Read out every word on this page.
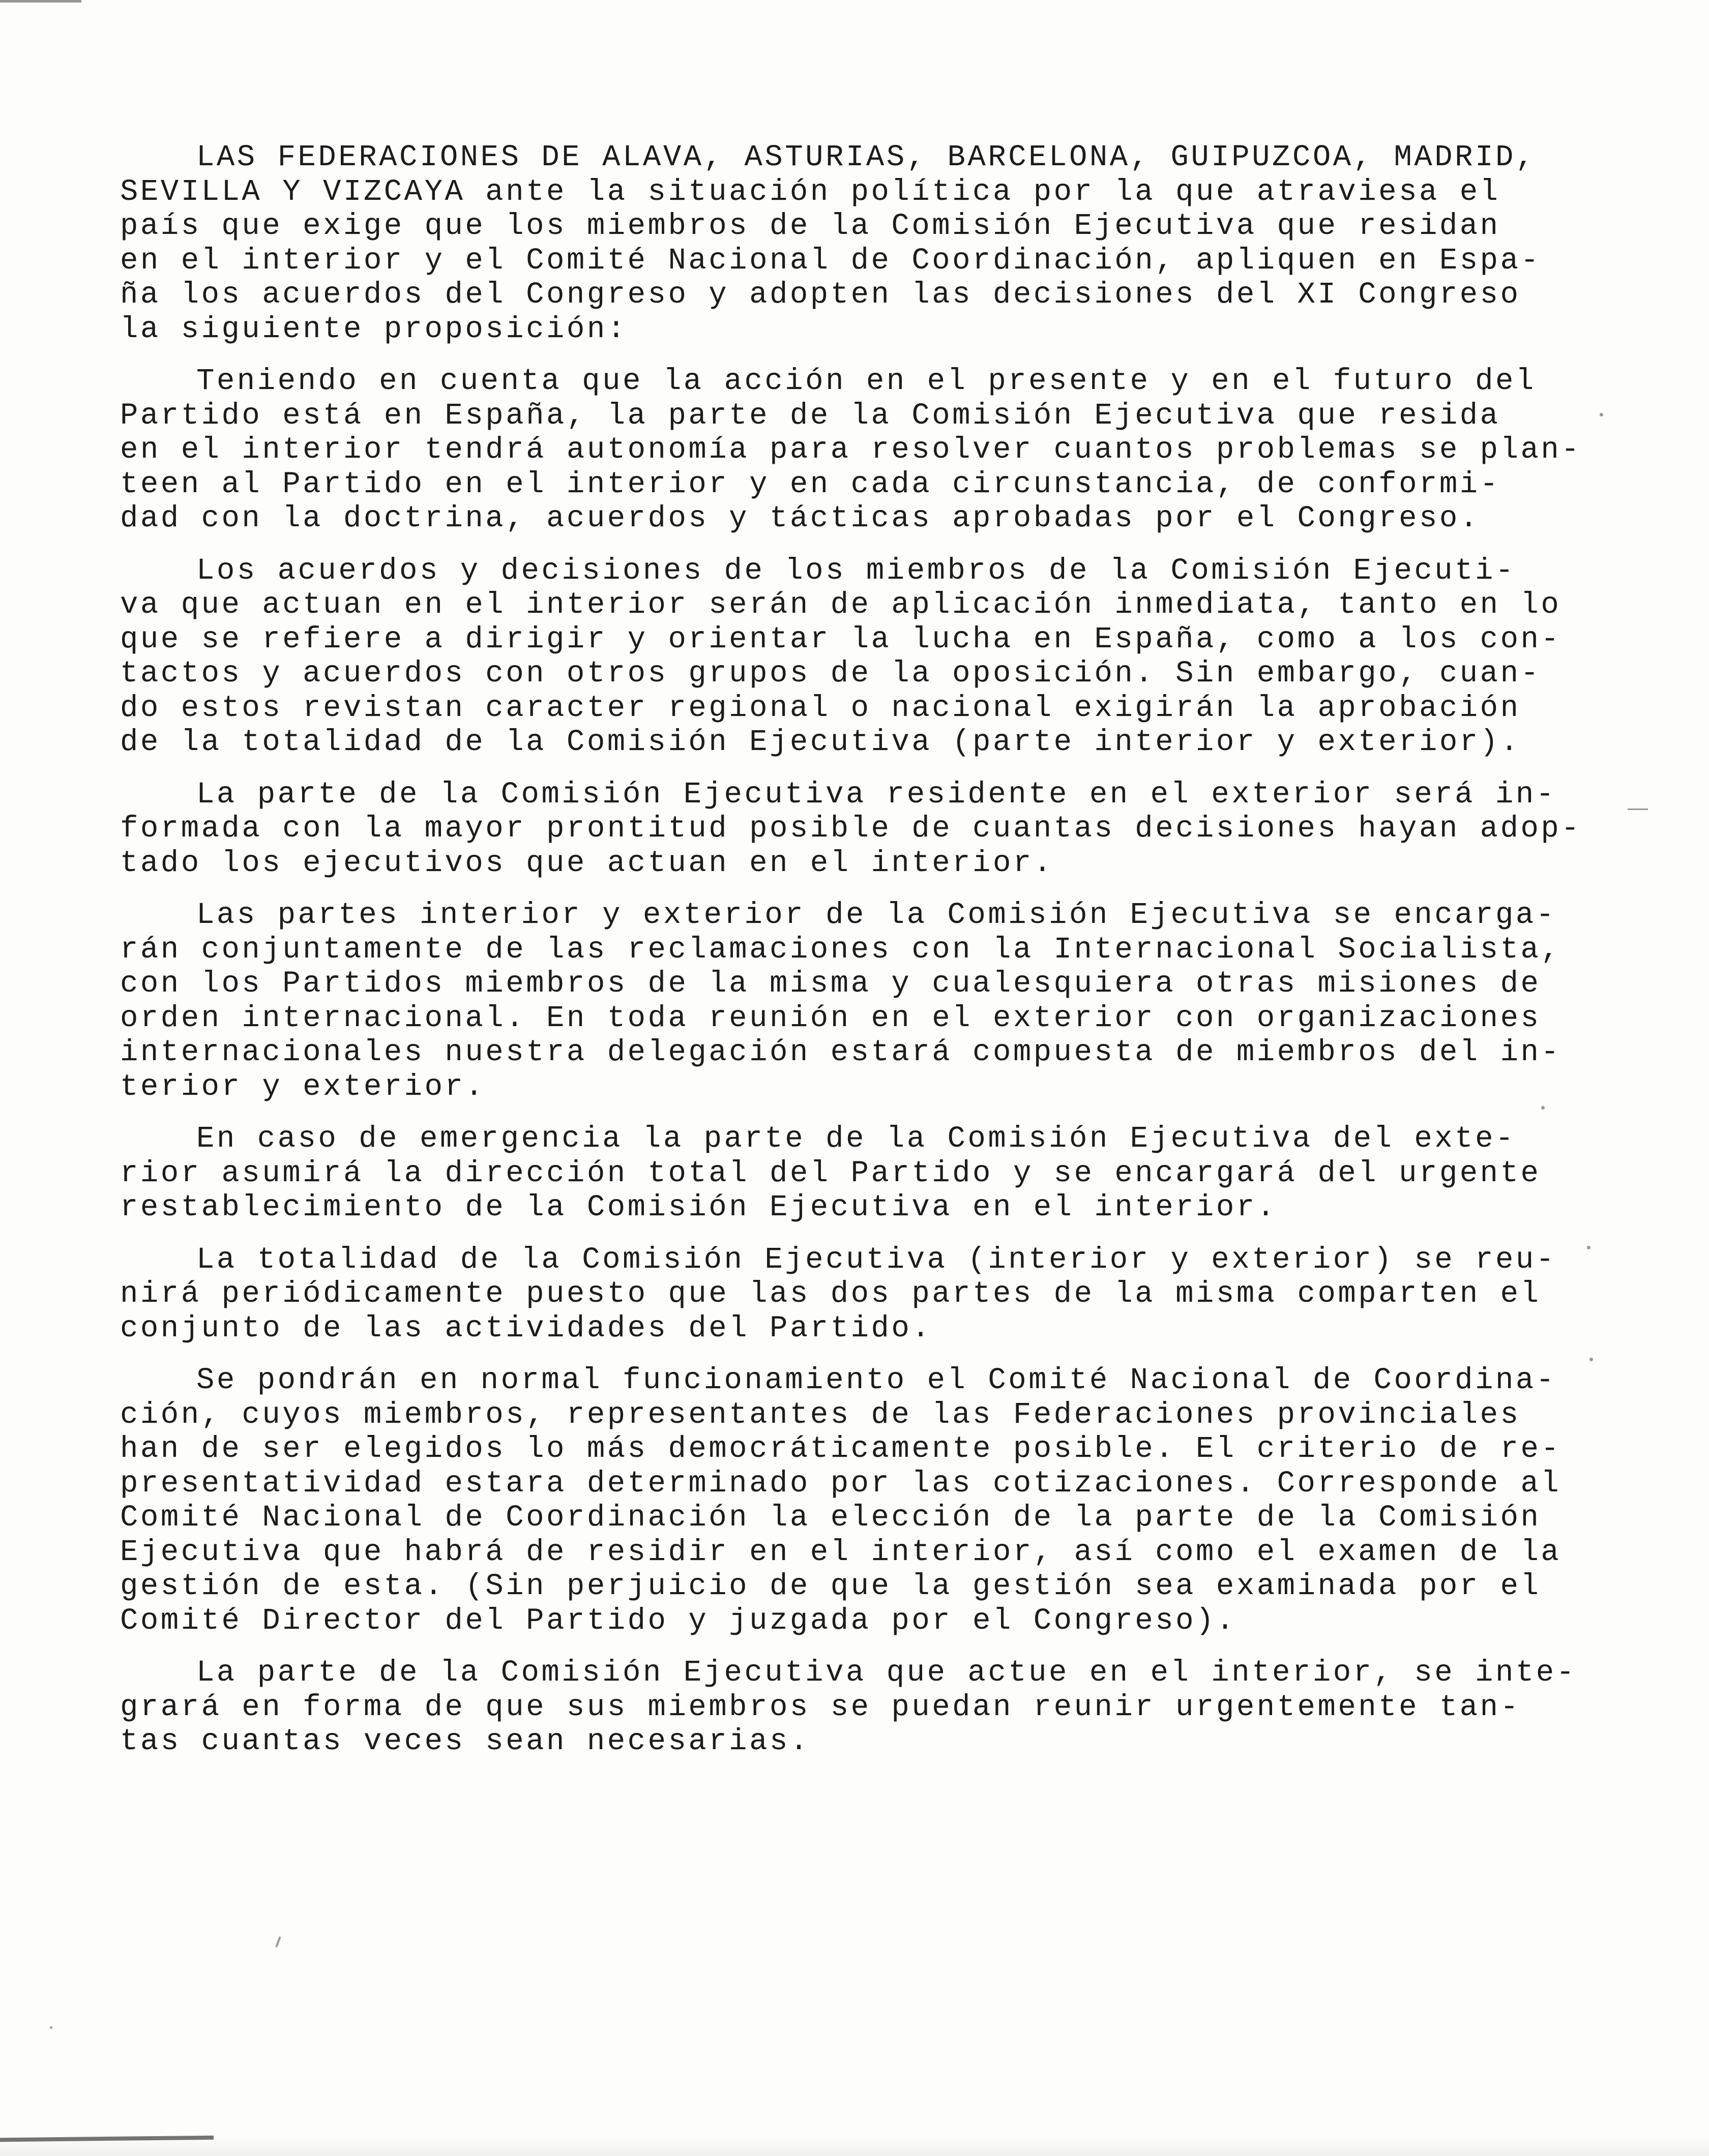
LAS FEDERACIONES DE ALAVA, ASTURIAS, BARCELONA, GUIPUZCOA, MADRID,
SEVILLA Y VIZCAYA ante la situación política por la que atraviesa el
país que exige que los miembros de la Comisión Ejecutiva que residan
en el interior y el Comité Nacional de Coordinación, apliquen en Espa-
ña los acuerdos del Congreso y adopten las decisiones del XI Congreso
la siguiente proposición:
Teniendo en cuenta que la acción en el presente y en el futuro del
Partido está en España, la parte de la Comisión Ejecutiva que resida
en el interior tendrá autonomía para resolver cuantos problemas se plan-
teen al Partido en el interior y en cada circunstancia, de conformi-
dad con la doctrina, acuerdos y tácticas aprobadas por el Congreso.
Los acuerdos y decisiones de los miembros de la Comisión Ejecuti-
va que actuan en el interior serán de aplicación inmediata, tanto en lo
que se refiere a dirigir y orientar la lucha en España, como a los con-
tactos y acuerdos con otros grupos de la oposición. Sin embargo, cuan-
do estos revistan caracter regional o nacional exigirán la aprobación
de la totalidad de la Comisión Ejecutiva (parte interior y exterior).
La parte de la Comisión Ejecutiva residente en el exterior será in-
formada con la mayor prontitud posible de cuantas decisiones hayan adop-
tado los ejecutivos que actuan en el interior.
Las partes interior y exterior de la Comisión Ejecutiva se encarga-
rán conjuntamente de las reclamaciones con la Internacional Socialista,
con los Partidos miembros de la misma y cualesquiera otras misiones de
orden internacional. En toda reunión en el exterior con organizaciones
internacionales nuestra delegación estará compuesta de miembros del in-
terior y exterior.
En caso de emergencia la parte de la Comisión Ejecutiva del exte-
rior asumirá la dirección total del Partido y se encargará del urgente
restablecimiento de la Comisión Ejecutiva en el interior.
La totalidad de la Comisión Ejecutiva (interior y exterior) se reu-
nirá periódicamente puesto que las dos partes de la misma comparten el
conjunto de las actividades del Partido.
Se pondrán en normal funcionamiento el Comité Nacional de Coordina-
ción, cuyos miembros, representantes de las Federaciones provinciales
han de ser elegidos lo más democráticamente posible. El criterio de re-
presentatividad estara determinado por las cotizaciones. Corresponde al
Comité Nacional de Coordinación la elección de la parte de la Comisión
Ejecutiva que habrá de residir en el interior, así como el examen de la
gestión de esta. (Sin perjuicio de que la gestión sea examinada por el
Comité Director del Partido y juzgada por el Congreso).
La parte de la Comisión Ejecutiva que actue en el interior, se inte-
grará en forma de que sus miembros se puedan reunir urgentemente tan-
tas cuantas veces sean necesarias.
